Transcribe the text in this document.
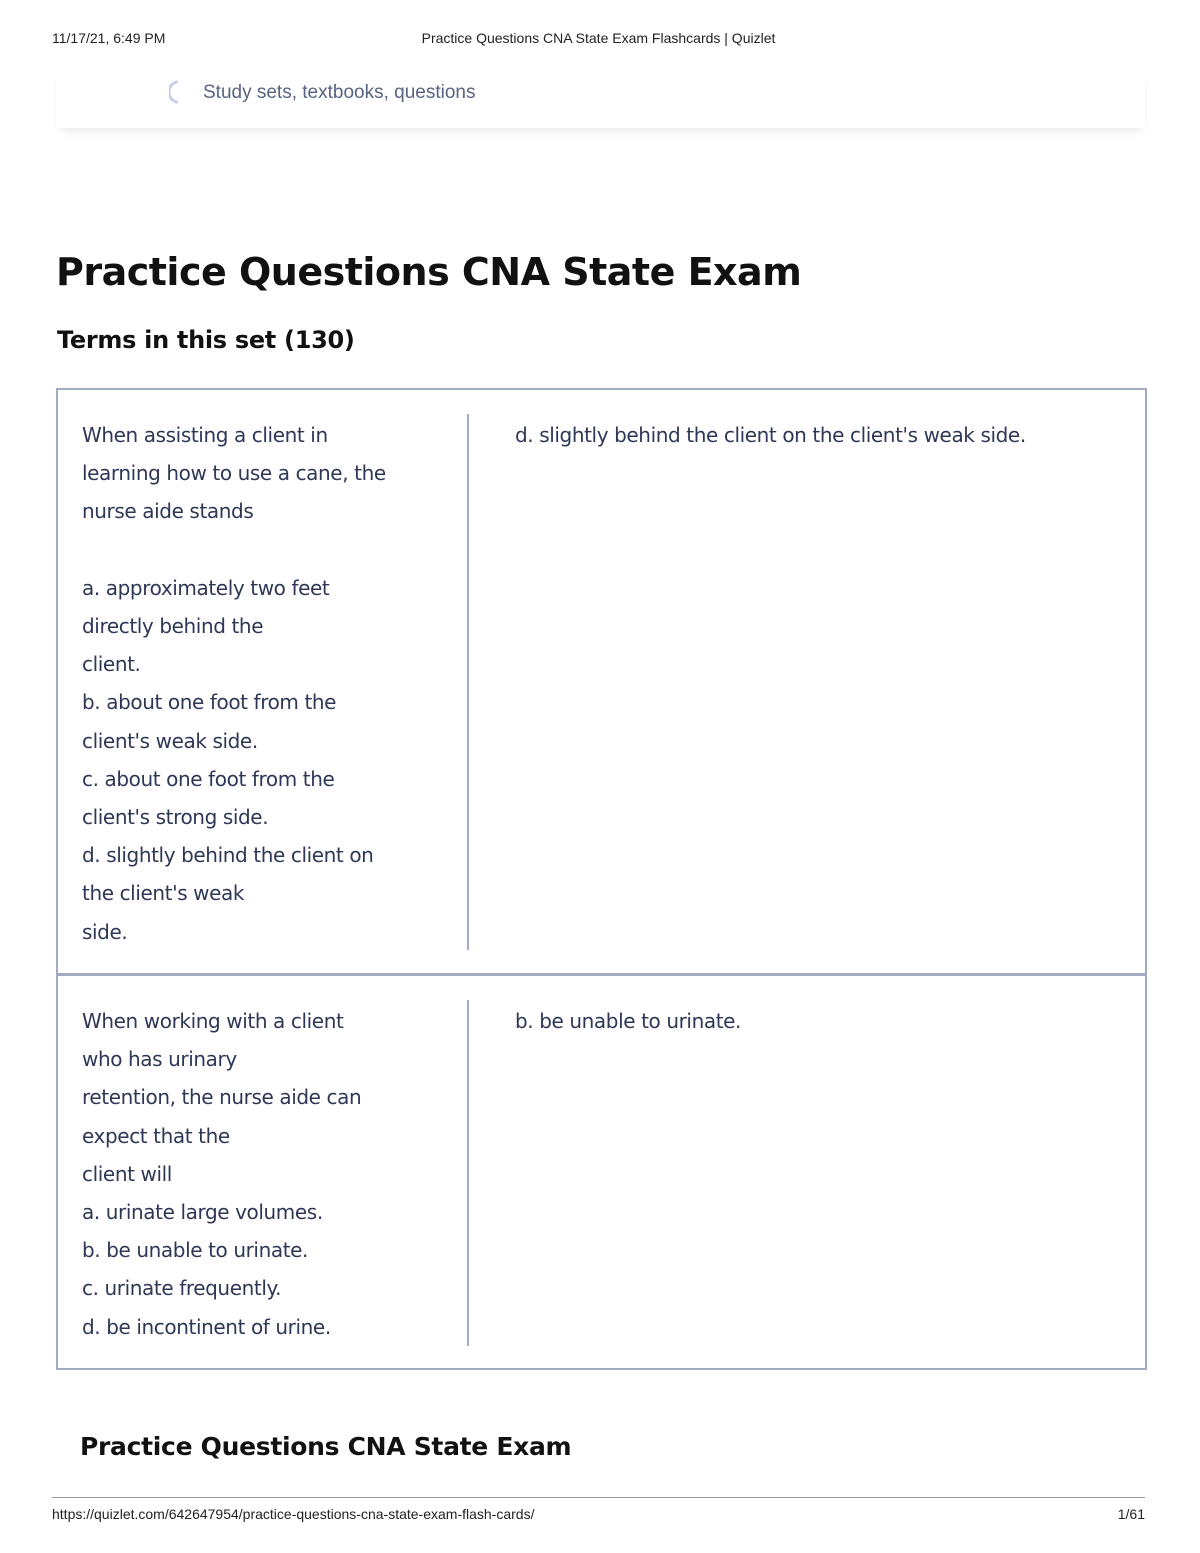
11/17/21, 6:49 PM	Practice Questions CNA State Exam Flashcards | Quizlet
Study sets, textbooks, questions
Practice Questions CNA State Exam
Terms in this set (130)
When assisting a client in
learning how to use a cane, the
nurse aide stands

a. approximately two feet
directly behind the
client.
b. about one foot from the
client's weak side.
c. about one foot from the
client's strong side.
d. slightly behind the client on
the client's weak
side.
d. slightly behind the client on the client's weak side.
When working with a client
who has urinary
retention, the nurse aide can
expect that the
client will
a. urinate large volumes.
b. be unable to urinate.
c. urinate frequently.
d. be incontinent of urine.
b. be unable to urinate.
Practice Questions CNA State Exam
https://quizlet.com/642647954/practice-questions-cna-state-exam-flash-cards/	1/61
